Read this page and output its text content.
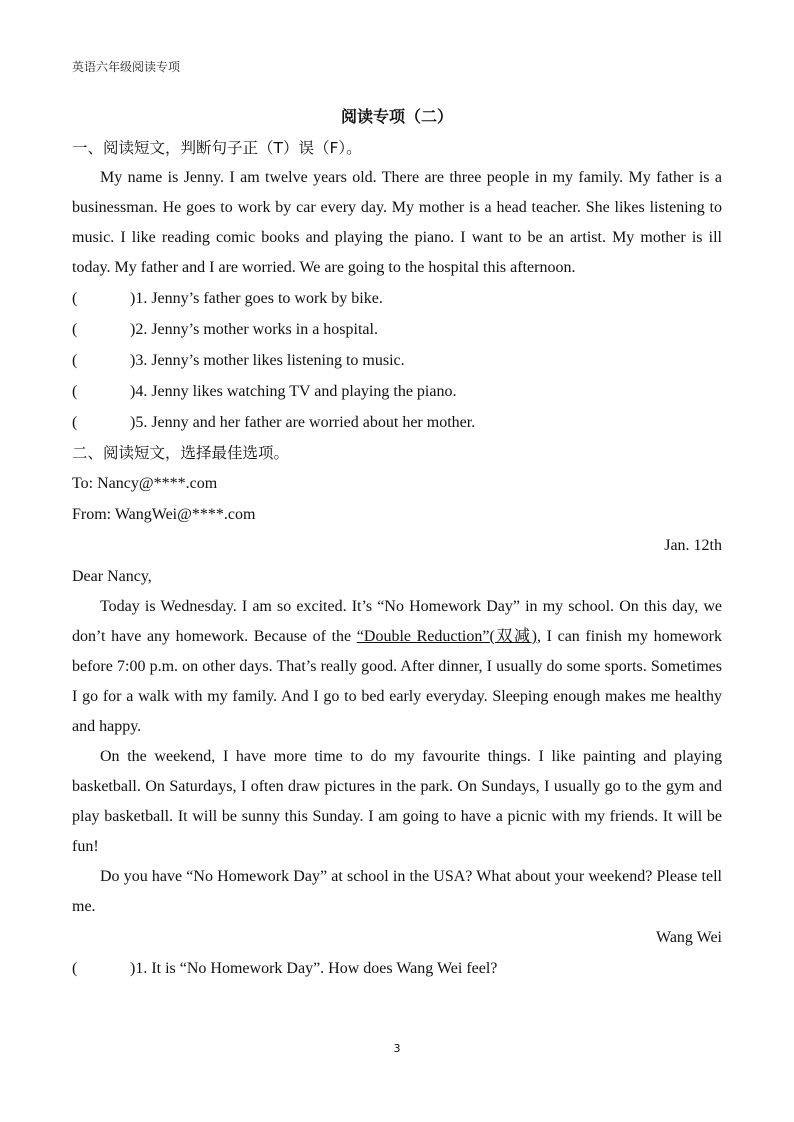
英语六年级阅读专项
阅读专项（二）
一、阅读短文，判断句子正（T）误（F）。

My name is Jenny. I am twelve years old. There are three people in my family. My father is a businessman. He goes to work by car every day. My mother is a head teacher. She likes listening to music. I like reading comic books and playing the piano. I want to be an artist. My mother is ill today. My father and I are worried. We are going to the hospital this afternoon.

(	)1. Jenny’s father goes to work by bike.
(	)2. Jenny’s mother works in a hospital.
(	)3. Jenny’s mother likes listening to music.
(	)4. Jenny likes watching TV and playing the piano.
(	)5. Jenny and her father are worried about her mother.
二、阅读短文，选择最佳选项。
To: Nancy@****.com
From: WangWei@****.com
Jan. 12th
Dear Nancy,

Today is Wednesday. I am so excited. It’s “No Homework Day” in my school. On this day, we don’t have any homework. Because of the “Double Reduction”(双减), I can finish my homework before 7:00 p.m. on other days. That’s really good. After dinner, I usually do some sports. Sometimes I go for a walk with my family. And I go to bed early everyday. Sleeping enough makes me healthy and happy.

On the weekend, I have more time to do my favourite things. I like painting and playing basketball. On Saturdays, I often draw pictures in the park. On Sundays, I usually go to the gym and play basketball. It will be sunny this Sunday. I am going to have a picnic with my friends. It will be fun!

Do you have “No Homework Day” at school in the USA? What about your weekend? Please tell me.

Wang Wei
(	)1. It is “No Homework Day”. How does Wang Wei feel?
3
